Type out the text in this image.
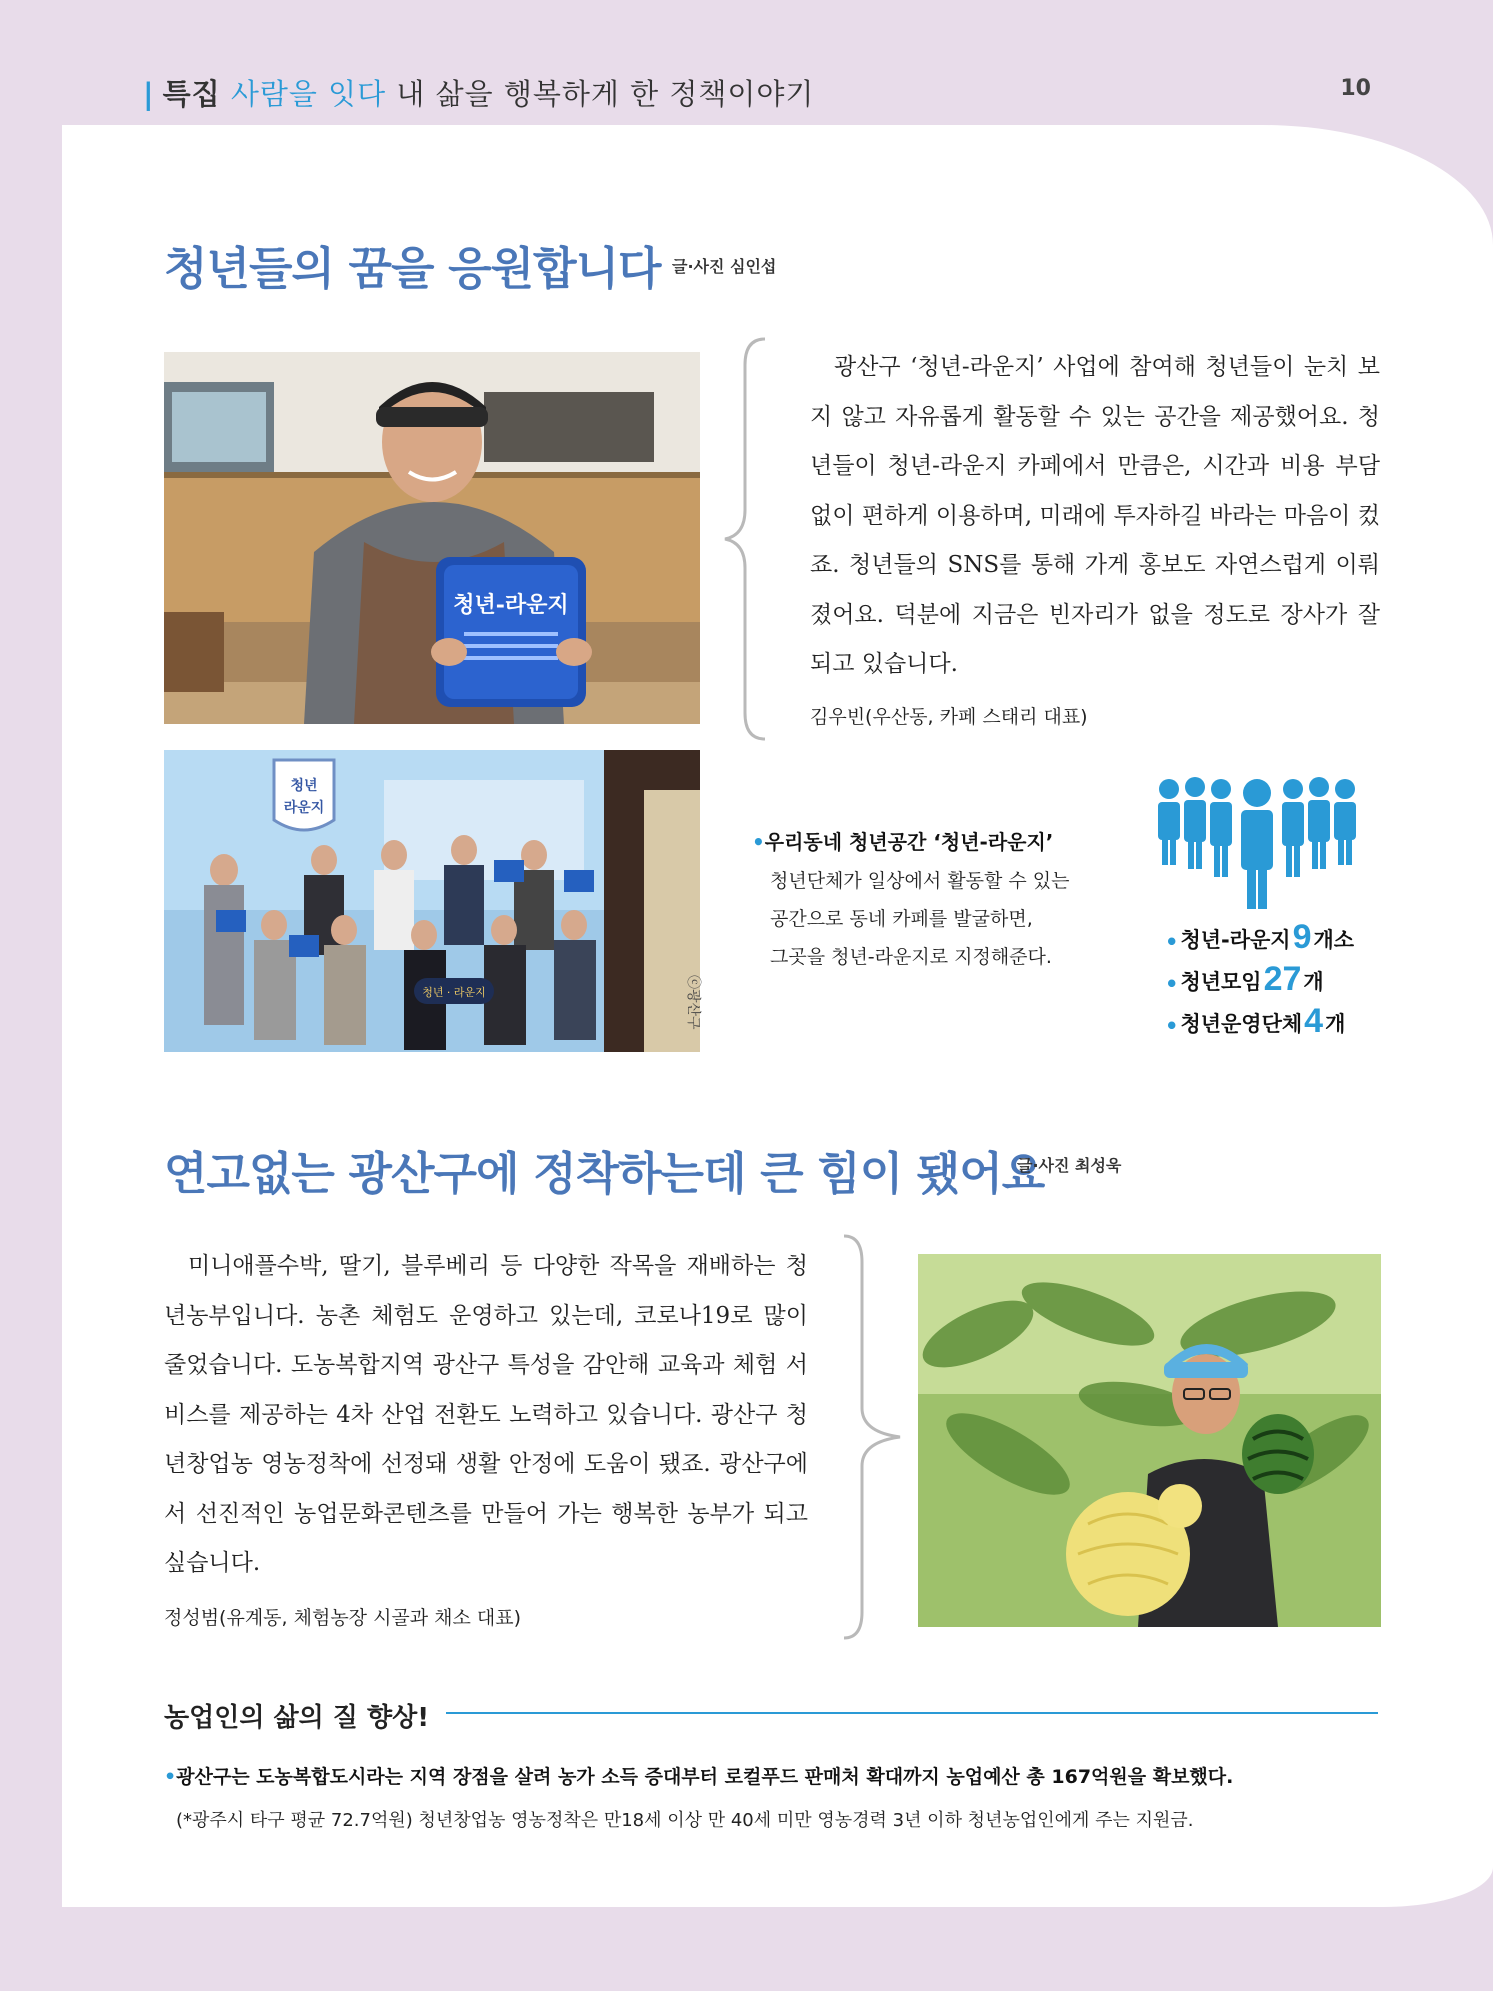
| 특집 사람을 잇다 내 삶을 행복하게 한 정책이야기	10
청년들의 꿈을 응원합니다 글·사진 심인섭
청년-라운지
청년
라운지
청년 · 라운지	ⓒ광산구
광산구 ‘청년-라운지’ 사업에 참여해 청년들이 눈치 보지 않고 자유롭게 활동할 수 있는 공간을 제공했어요. 청년들이 청년-라운지 카페에서 만큼은, 시간과 비용 부담 없이 편하게 이용하며, 미래에 투자하길 바라는 마음이 컸죠. 청년들의 SNS를 통해 가게 홍보도 자연스럽게 이뤄졌어요. 덕분에 지금은 빈자리가 없을 정도로 장사가 잘 되고 있습니다.
김우빈(우산동, 카페 스태리 대표)
•우리동네 청년공간 ‘청년-라운지’
청년단체가 일상에서 활동할 수 있는
공간으로 동네 카페를 발굴하면,
그곳을 청년-라운지로 지정해준다.
• 청년-라운지 9 개소
• 청년모임 27 개
• 청년운영단체 4 개
연고없는 광산구에 정착하는데 큰 힘이 됐어요
글·사진 최성욱
미니애플수박, 딸기, 블루베리 등 다양한 작목을 재배하는 청년농부입니다. 농촌 체험도 운영하고 있는데, 코로나19로 많이 줄었습니다. 도농복합지역 광산구 특성을 감안해 교육과 체험 서비스를 제공하는 4차 산업 전환도 노력하고 있습니다. 광산구 청년창업농 영농정착에 선정돼 생활 안정에 도움이 됐죠. 광산구에서 선진적인 농업문화콘텐츠를 만들어 가는 행복한 농부가 되고 싶습니다.
정성범(유계동, 체험농장 시골과 채소 대표)
농업인의 삶의 질 향상!
•광산구는 도농복합도시라는 지역 장점을 살려 농가 소득 증대부터 로컬푸드 판매처 확대까지 농업예산 총 167억원을 확보했다.
(*광주시 타구 평균 72.7억원) 청년창업농 영농정착은 만18세 이상 만 40세 미만 영농경력 3년 이하 청년농업인에게 주는 지원금.
